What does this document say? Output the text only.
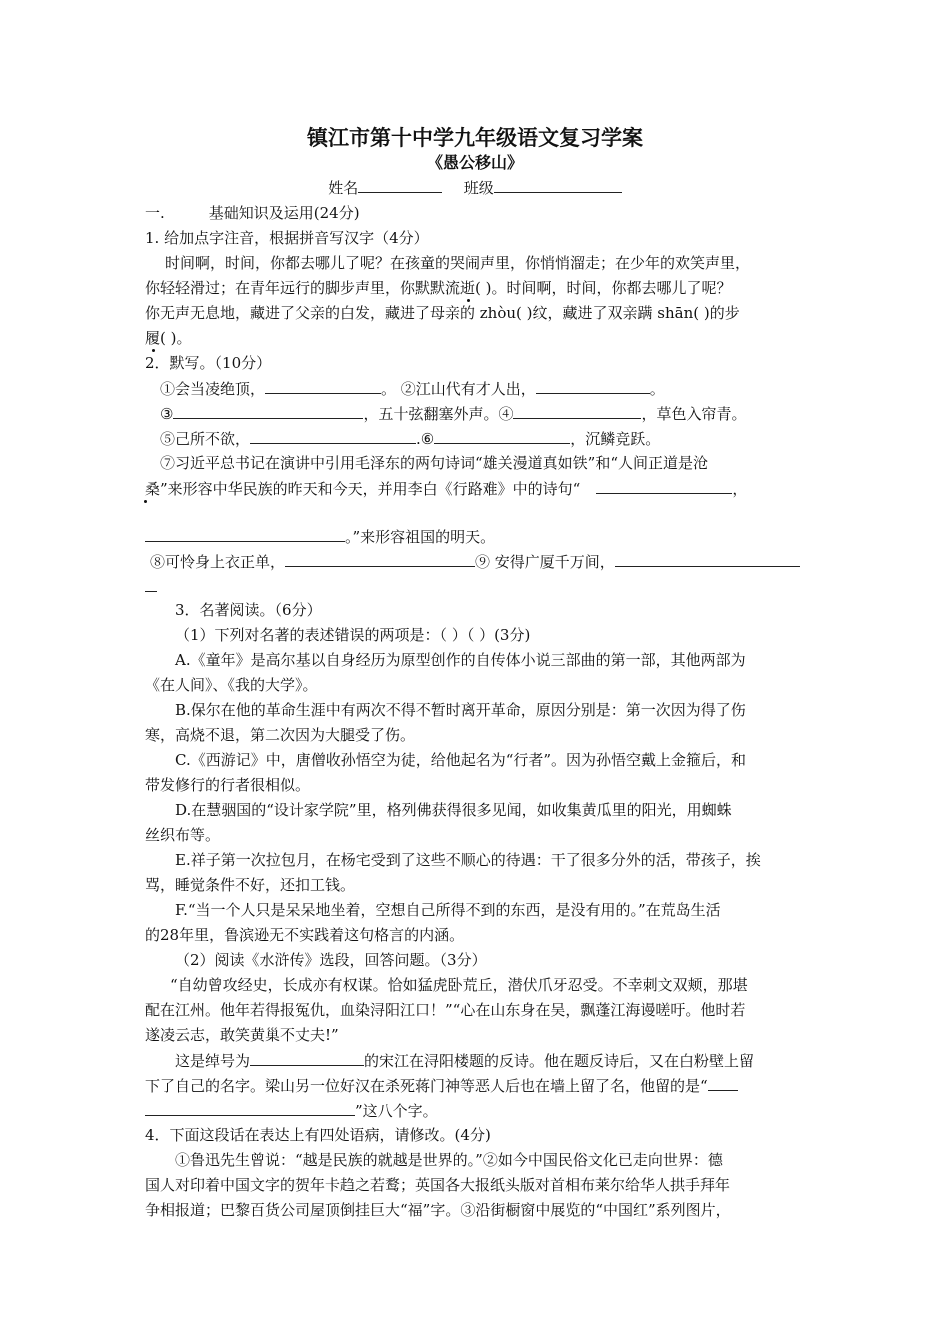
镇江市第十中学九年级语文复习学案
《愚公移山》
姓名	班级
一.	基础知识及运用(24分)
1. 给加点字注音，根据拼音写汉字（4分）
时间啊，时间，你都去哪儿了呢？在孩童的哭闹声里，你悄悄溜走；在少年的欢笑声里，
你轻轻滑过；在青年远行的脚步声里，你默默流逝( )。时间啊，时间，你都去哪儿了呢？
你无声无息地，藏进了父亲的白发，藏进了母亲的 zhòu( )纹，藏进了双亲蹒 shān( )的步
履( )。
2．默写。（10分）
①会当凌绝顶，	。 ②江山代有才人出，	。
③	，五十弦翻塞外声。④	，草色入帘青。
⑤己所不欲，	.⑥	，沉鳞竞跃。
⑦习近平总书记在演讲中引用毛泽东的两句诗词“雄关漫道真如铁”和“人间正道是沧
桑”来形容中华民族的昨天和今天，并用李白《行路难》中的诗句“	，
。”来形容祖国的明天。
⑧可怜身上衣正单，	⑨ 安得广厦千万间，
3．名著阅读。（6分）
（1）下列对名著的表述错误的两项是：（ ）（ ）(3分)
A.《童年》是高尔基以自身经历为原型创作的自传体小说三部曲的第一部，其他两部为
《在人间》、《我的大学》。
B.保尔在他的革命生涯中有两次不得不暂时离开革命，原因分别是：第一次因为得了伤
寒，高烧不退，第二次因为大腿受了伤。
C.《西游记》中，唐僧收孙悟空为徒，给他起名为“行者”。因为孙悟空戴上金箍后，和
带发修行的行者很相似。
D.在慧骃国的“设计家学院”里，格列佛获得很多见闻，如收集黄瓜里的阳光，用蜘蛛
丝织布等。
E.祥子第一次拉包月，在杨宅受到了这些不顺心的待遇：干了很多分外的活，带孩子，挨
骂，睡觉条件不好，还扣工钱。
F.“当一个人只是呆呆地坐着，空想自己所得不到的东西，是没有用的。”在荒岛生活
的28年里，鲁滨逊无不实践着这句格言的内涵。
（2）阅读《水浒传》选段，回答问题。（3分）
“自幼曾攻经史，长成亦有权谋。恰如猛虎卧荒丘，潜伏爪牙忍受。不幸刺文双颊，那堪
配在江州。他年若得报冤仇，血染浔阳江口！”“心在山东身在吴，飘蓬江海谩嗟吁。他时若
遂凌云志，敢笑黄巢不丈夫!”
这是绰号为	的宋江在浔阳楼题的反诗。他在题反诗后，又在白粉壁上留
下了自己的名字。梁山另一位好汉在杀死蒋门神等恶人后也在墙上留了名，他留的是“
”这八个字。
4．下面这段话在表达上有四处语病，请修改。(4分)
①鲁迅先生曾说：“越是民族的就越是世界的。”②如今中国民俗文化已走向世界：德
国人对印着中国文字的贺年卡趋之若鹜；英国各大报纸头版对首相布莱尔给华人拱手拜年
争相报道；巴黎百货公司屋顶倒挂巨大“福”字。③沿街橱窗中展览的“中国红”系列图片，
